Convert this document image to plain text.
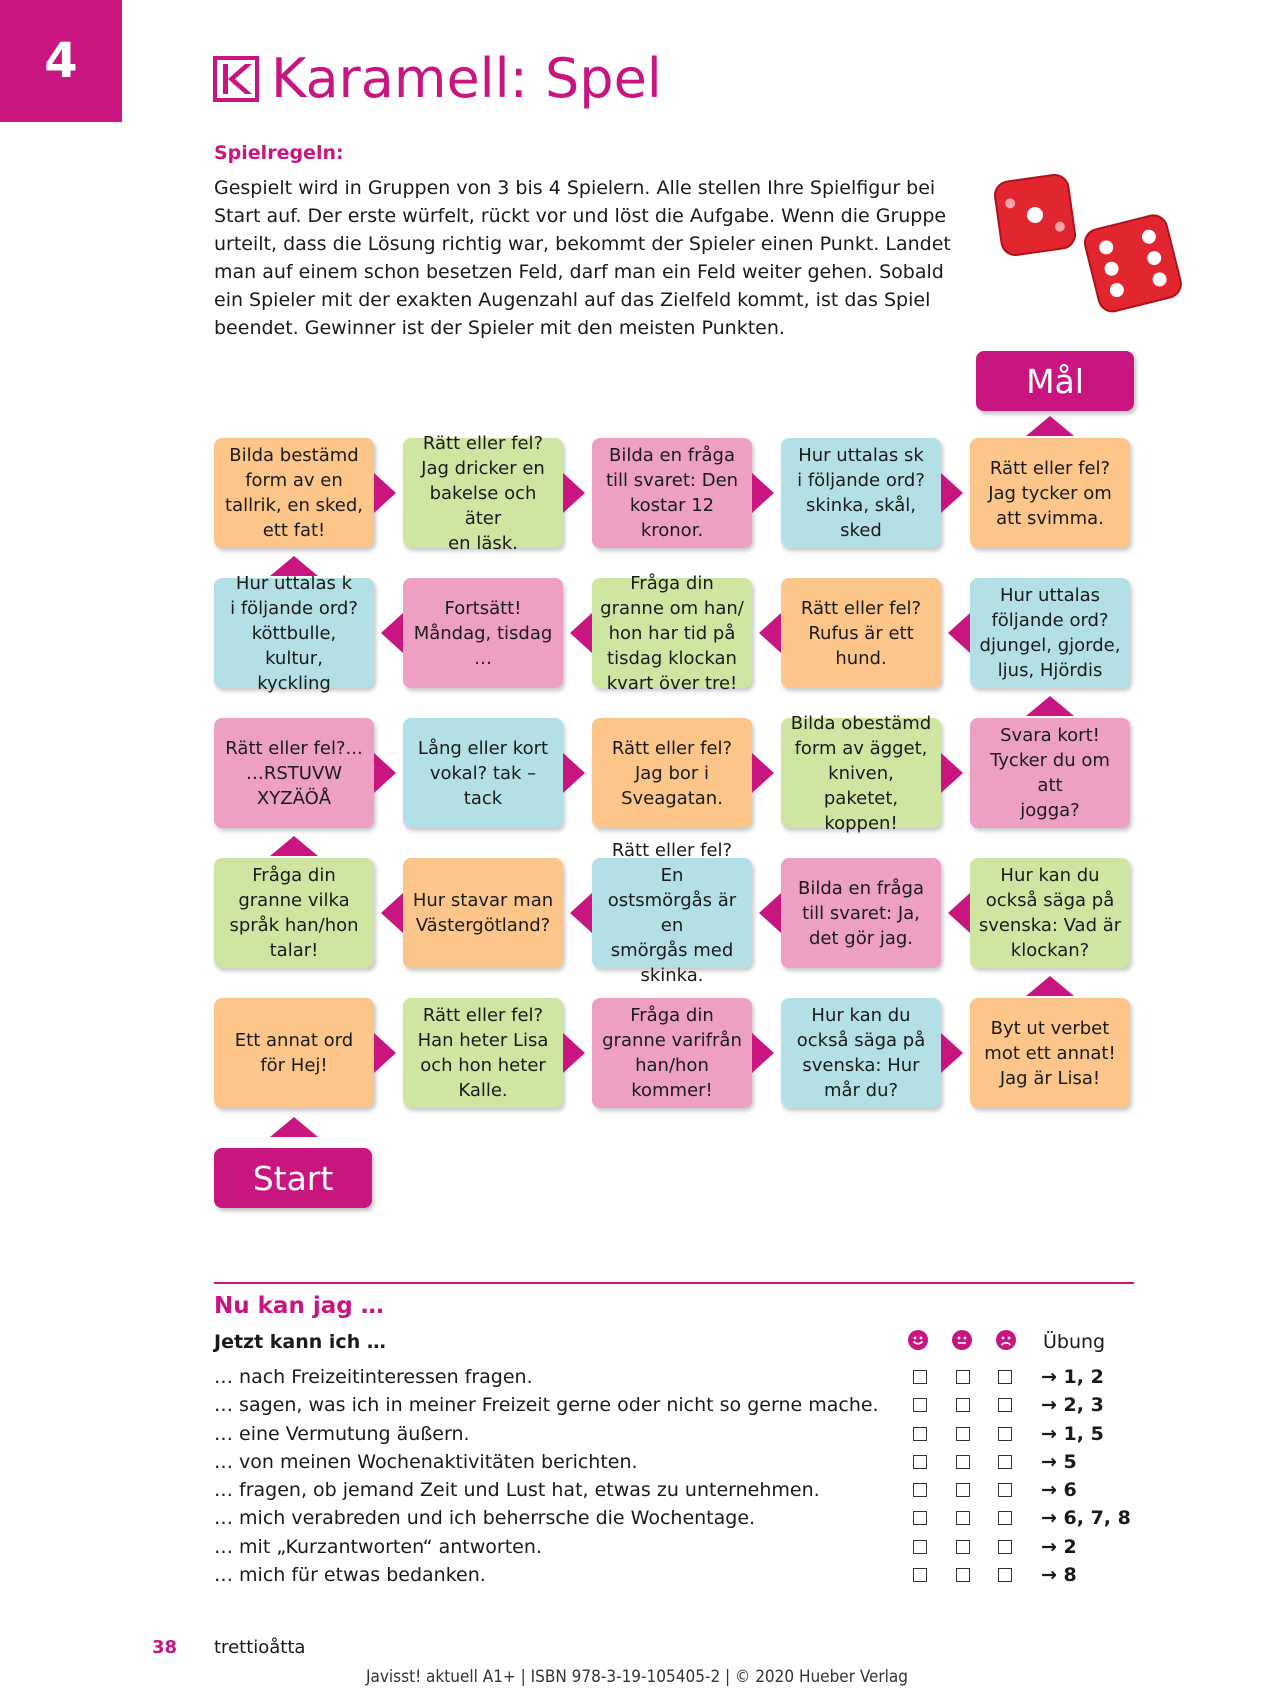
4	Karamell: Spel
Spielregeln:

Gespielt wird in Gruppen von 3 bis 4 Spielern. Alle stellen Ihre Spielfigur bei Start auf. Der erste würfelt, rückt vor und löst die Aufgabe. Wenn die Gruppe urteilt, dass die Lösung richtig war, bekommt der Spieler einen Punkt. Landet man auf einem schon besetzen Feld, darf man ein Feld weiter gehen. Sobald ein Spieler mit der exakten Augenzahl auf das Zielfeld kommt, ist das Spiel beendet. Gewinner ist der Spieler mit den meisten Punkten.

Mål
Bilda bestämd
form av en
tallrik, en sked,
ett fat!
Rätt eller fel?
Jag dricker en
bakelse och äter
en läsk.
Bilda en fråga
till svaret: Den
kostar 12 kronor.
Hur uttalas sk
i följande ord?
skinka, skål, sked
Rätt eller fel?
Jag tycker om
att svimma.
Hur uttalas k
i följande ord?
köttbulle, kultur,
kyckling
Fortsätt!
Måndag, tisdag
…
Fråga din
granne om han/
hon har tid på
tisdag klockan
kvart över tre!
Rätt eller fel?
Rufus är ett
hund.
Hur uttalas
följande ord?
djungel, gjorde,
ljus, Hjördis
Rätt eller fel?...
…RSTUVW
XYZÄÖÅ
Lång eller kort
vokal? tak – tack
Rätt eller fel?
Jag bor i
Sveagatan.
Bilda obestämd
form av ägget,
kniven, paketet,
koppen!
Svara kort!
Tycker du om att
jogga?
Fråga din
granne vilka
språk han/hon
talar!
Hur stavar man
Västergötland?
Rätt eller fel? En
ostsmörgås är en
smörgås med
skinka.
Bilda en fråga
till svaret: Ja,
det gör jag.
Hur kan du
också säga på
svenska: Vad är
klockan?
Ett annat ord
för Hej!
Rätt eller fel?
Han heter Lisa
och hon heter
Kalle.
Fråga din
granne varifrån
han/hon
kommer!
Hur kan du
också säga på
svenska: Hur
mår du?
Byt ut verbet
mot ett annat!
Jag är Lisa!
Start
Nu kan jag …
Jetzt kann ich …	Übung
… nach Freizeitinteressen fragen.	→ 1, 2
… sagen, was ich in meiner Freizeit gerne oder nicht so gerne mache.	→ 2, 3
… eine Vermutung äußern.	→ 1, 5
… von meinen Wochenaktivitäten berichten.	→ 5
… fragen, ob jemand Zeit und Lust hat, etwas zu unternehmen.	→ 6
… mich verabreden und ich beherrsche die Wochentage.	→ 6, 7, 8
… mit „Kurzantworten“ antworten.	→ 2
… mich für etwas bedanken.	→ 8
38 trettioåtta
Javisst! aktuell A1+ | ISBN 978-3-19-105405-2 | © 2020 Hueber Verlag
